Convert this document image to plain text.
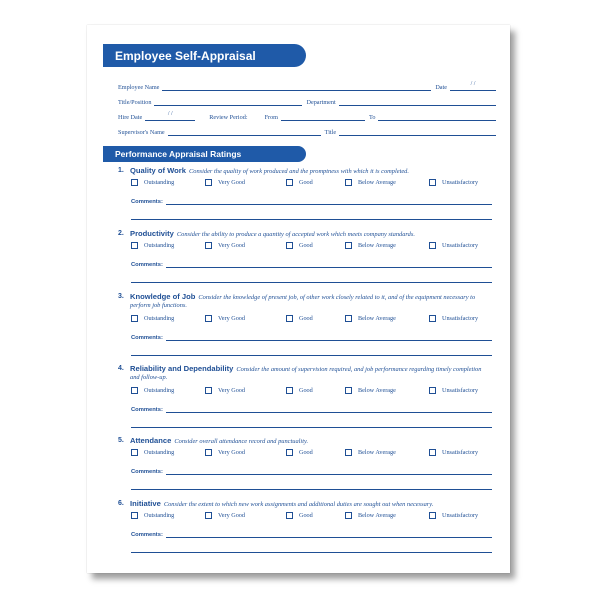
Employee Self-Appraisal
Employee Name	Date	/ /
Title/Position	Department
Hire Date	/ /	Review Period:	From	To
Supervisor's Name	Title
Performance Appraisal Ratings
1. Quality of Work Consider the quality of work produced and the promptness with which it is completed.
Outstanding	Very Good	Good	Below Average	Unsatisfactory
Comments:
2. Productivity Consider the ability to produce a quantity of accepted work which meets company standards.
Outstanding	Very Good	Good	Below Average	Unsatisfactory
Comments:
3. Knowledge of Job Consider the knowledge of present job, of other work closely related to it, and of the equipment necessary to perform job functions.
Outstanding	Very Good	Good	Below Average	Unsatisfactory
Comments:
4. Reliability and Dependability Consider the amount of supervision required, and job performance regarding timely completion and follow-up.
Outstanding	Very Good	Good	Below Average	Unsatisfactory
Comments:
5. Attendance Consider overall attendance record and punctuality.
Outstanding	Very Good	Good	Below Average	Unsatisfactory
Comments:
6. Initiative Consider the extent to which new work assignments and additional duties are sought out when necessary.
Outstanding	Very Good	Good	Below Average	Unsatisfactory
Comments:
